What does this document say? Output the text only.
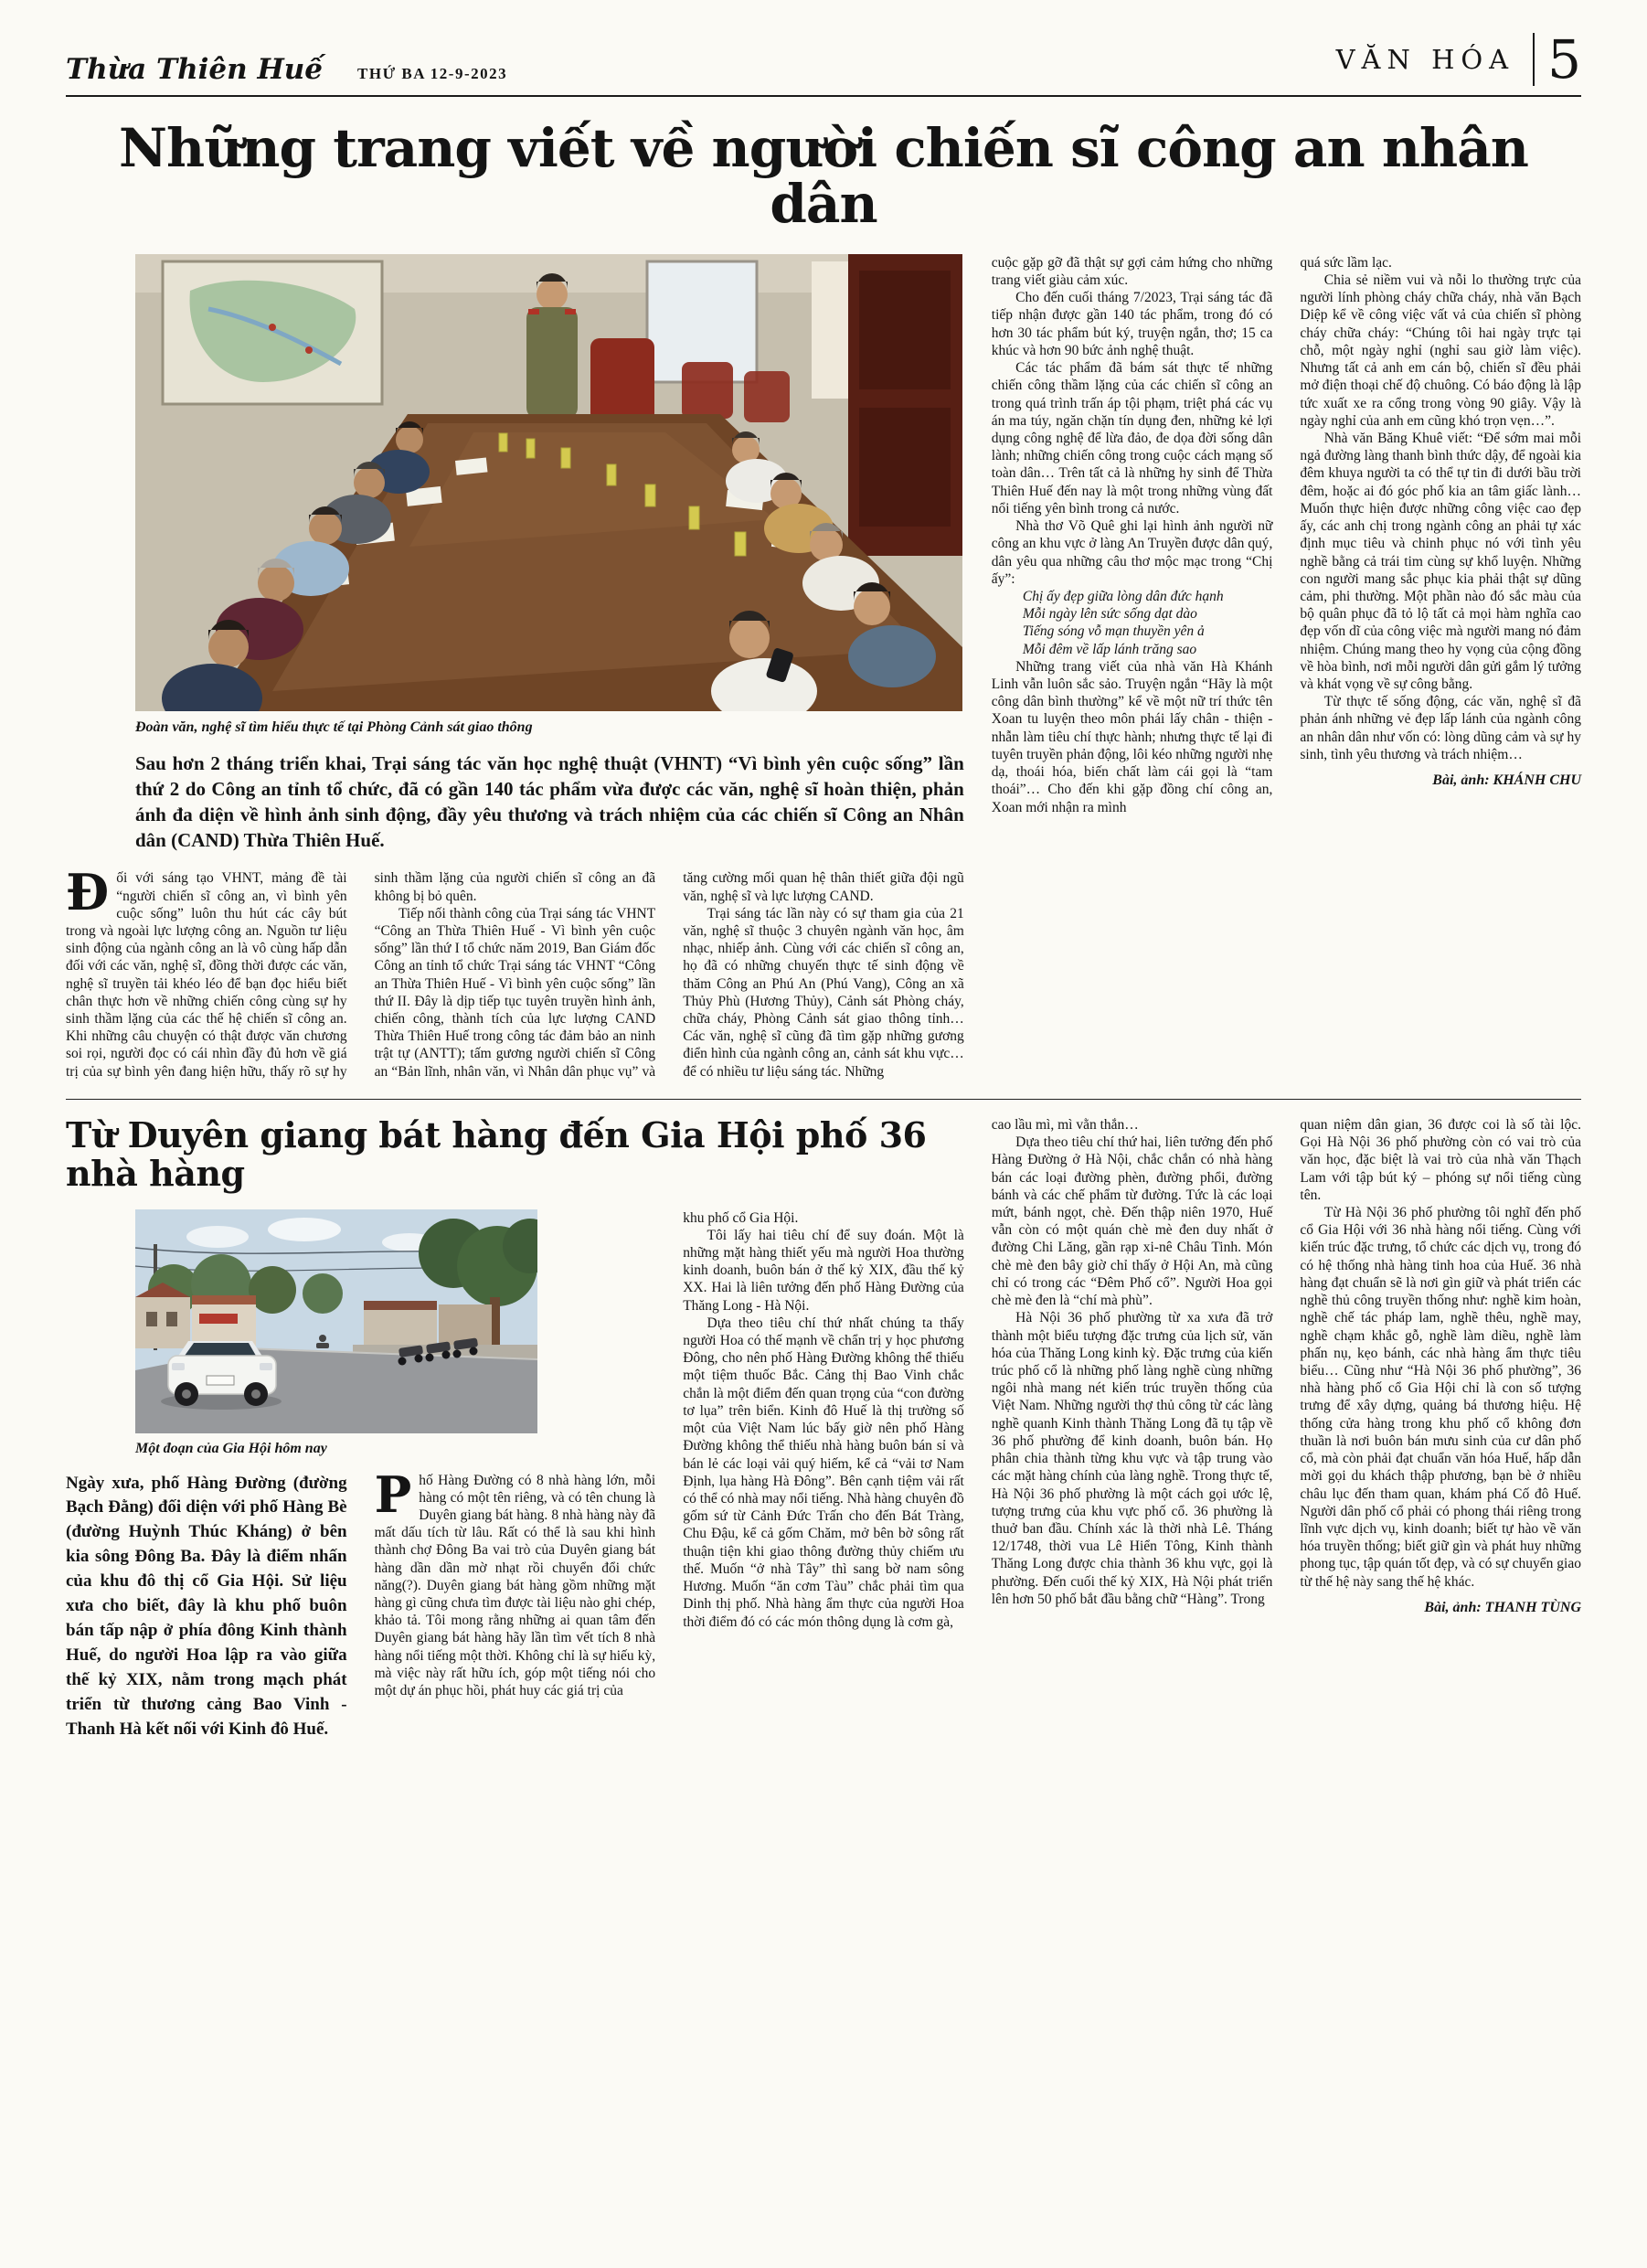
Thừa Thiên Huế THỨ BA 12-9-2023	VĂN HÓA 5
Những trang viết về người chiến sĩ công an nhân dân
Đoàn văn, nghệ sĩ tìm hiểu thực tế tại Phòng Cảnh sát giao thông
Sau hơn 2 tháng triển khai, Trại sáng tác văn học nghệ thuật (VHNT) “Vì bình yên cuộc sống” lần thứ 2 do Công an tỉnh tổ chức, đã có gần 140 tác phẩm vừa được các văn, nghệ sĩ hoàn thiện, phản ánh đa diện về hình ảnh sinh động, đầy yêu thương và trách nhiệm của các chiến sĩ Công an Nhân dân (CAND) Thừa Thiên Huế.

Đối với sáng tạo VHNT, mảng đề tài “người chiến sĩ công an, vì bình yên cuộc sống” luôn thu hút các cây bút trong và ngoài lực lượng công an. Nguồn tư liệu sinh động của ngành công an là vô cùng hấp dẫn đối với các văn, nghệ sĩ, đồng thời được các văn, nghệ sĩ truyền tải khéo léo để bạn đọc hiểu biết chân thực hơn về những chiến công cùng sự hy sinh thầm lặng của các thế hệ chiến sĩ công an. Khi những câu chuyện có thật được văn chương soi rọi, người đọc có cái nhìn đầy đủ hơn về giá trị của sự bình yên đang hiện hữu, thấy rõ sự hy sinh thầm lặng của người chiến sĩ công an đã không bị bỏ quên.

Tiếp nối thành công của Trại sáng tác VHNT “Công an Thừa Thiên Huế - Vì bình yên cuộc sống” lần thứ I tổ chức năm 2019, Ban Giám đốc Công an tỉnh tổ chức Trại sáng tác VHNT “Công an Thừa Thiên Huế - Vì bình yên cuộc sống” lần thứ II. Đây là dịp tiếp tục tuyên truyền hình ảnh, chiến công, thành tích của lực lượng CAND Thừa Thiên Huế trong công tác đảm bảo an ninh trật tự (ANTT); tấm gương người chiến sĩ Công an “Bản lĩnh, nhân văn, vì Nhân dân phục vụ” và tăng cường mối quan hệ thân thiết giữa đội ngũ văn, nghệ sĩ và lực lượng CAND.

Trại sáng tác lần này có sự tham gia của 21 văn, nghệ sĩ thuộc 3 chuyên ngành văn học, âm nhạc, nhiếp ảnh. Cùng với các chiến sĩ công an, họ đã có những chuyến thực tế sinh động về thăm Công an Phú An (Phú Vang), Công an xã Thủy Phù (Hương Thủy), Cảnh sát Phòng cháy, chữa cháy, Phòng Cảnh sát giao thông tỉnh… Các văn, nghệ sĩ cũng đã tìm gặp những gương điển hình của ngành công an, cảnh sát khu vực… để có nhiều tư liệu sáng tác. Những

cuộc gặp gỡ đã thật sự gợi cảm hứng cho những trang viết giàu cảm xúc.

Cho đến cuối tháng 7/2023, Trại sáng tác đã tiếp nhận được gần 140 tác phẩm, trong đó có hơn 30 tác phẩm bút ký, truyện ngắn, thơ; 15 ca khúc và hơn 90 bức ảnh nghệ thuật.

Các tác phẩm đã bám sát thực tế những chiến công thầm lặng của các chiến sĩ công an trong quá trình trấn áp tội phạm, triệt phá các vụ án ma túy, ngăn chặn tín dụng đen, những kẻ lợi dụng công nghệ để lừa đảo, đe dọa đời sống dân lành; những chiến công trong cuộc cách mạng số toàn dân… Trên tất cả là những hy sinh để Thừa Thiên Huế đến nay là một trong những vùng đất nổi tiếng yên bình trong cả nước.

Nhà thơ Võ Quê ghi lại hình ảnh người nữ công an khu vực ở làng An Truyền được dân quý, dân yêu qua những câu thơ mộc mạc trong “Chị ấy”:

Chị ấy đẹp giữa lòng dân đức hạnh

Mỗi ngày lên sức sống dạt dào

Tiếng sóng vỗ mạn thuyền yên ả

Mỗi đêm về lấp lánh trăng sao

Những trang viết của nhà văn Hà Khánh Linh vẫn luôn sắc sảo. Truyện ngắn “Hãy là một công dân bình thường” kể về một nữ trí thức tên Xoan tu luyện theo môn phái lấy chân - thiện - nhẫn làm tiêu chí thực hành; nhưng thực tế lại đi tuyên truyền phản động, lôi kéo những người nhẹ dạ, thoái hóa, biến chất làm cái gọi là “tam thoái”… Cho đến khi gặp đồng chí công an, Xoan mới nhận ra mình

quá sức lầm lạc.

Chia sẻ niềm vui và nỗi lo thường trực của người lính phòng cháy chữa cháy, nhà văn Bạch Diệp kể về công việc vất vả của chiến sĩ phòng cháy chữa cháy: “Chúng tôi hai ngày trực tại chỗ, một ngày nghỉ (nghỉ sau giờ làm việc). Nhưng tất cả anh em cán bộ, chiến sĩ đều phải mở điện thoại chế độ chuông. Có báo động là lập tức xuất xe ra cổng trong vòng 90 giây. Vậy là ngày nghỉ của anh em cũng khó trọn vẹn…”.

Nhà văn Băng Khuê viết: “Để sớm mai mỗi ngả đường làng thanh bình thức dậy, để ngoài kia đêm khuya người ta có thể tự tin đi dưới bầu trời đêm, hoặc ai đó góc phố kia an tâm giấc lành… Muốn thực hiện được những công việc cao đẹp ấy, các anh chị trong ngành công an phải tự xác định mục tiêu và chinh phục nó với tình yêu nghề bằng cả trái tim cùng sự khổ luyện. Những con người mang sắc phục kia phải thật sự dũng cảm, phi thường. Một phần nào đó sắc màu của bộ quân phục đã tỏ lộ tất cả mọi hàm nghĩa cao đẹp vốn dĩ của công việc mà người mang nó đảm nhiệm. Chúng mang theo hy vọng của cộng đồng về hòa bình, nơi mỗi người dân gửi gắm lý tưởng và khát vọng về sự công bằng.

Từ thực tế sống động, các văn, nghệ sĩ đã phản ánh những vẻ đẹp lấp lánh của ngành công an nhân dân như vốn có: lòng dũng cảm và sự hy sinh, tình yêu thương và trách nhiệm…

Bài, ảnh: KHÁNH CHU
Từ Duyên giang bát hàng đến Gia Hội phố 36 nhà hàng
Một đoạn của Gia Hội hôm nay
Ngày xưa, phố Hàng Đường (đường Bạch Đằng) đối diện với phố Hàng Bè (đường Huỳnh Thúc Kháng) ở bên kia sông Đông Ba. Đây là điểm nhấn của khu đô thị cổ Gia Hội. Sử liệu xưa cho biết, đây là khu phố buôn bán tấp nập ở phía đông Kinh thành Huế, do người Hoa lập ra vào giữa thế kỷ XIX, nằm trong mạch phát triển từ thương cảng Bao Vinh - Thanh Hà kết nối với Kinh đô Huế.

Phố Hàng Đường có 8 nhà hàng lớn, mỗi hàng có một tên riêng, và có tên chung là Duyên giang bát hàng. 8 nhà hàng này đã mất dấu tích từ lâu. Rất có thể là sau khi hình thành chợ Đông Ba vai trò của Duyên giang bát hàng dần dần mờ nhạt rồi chuyển đổi chức năng(?). Duyên giang bát hàng gồm những mặt hàng gì cũng chưa tìm được tài liệu nào ghi chép, khảo tả. Tôi mong rằng những ai quan tâm đến Duyên giang bát hàng hãy lần tìm vết tích 8 nhà hàng nổi tiếng một thời. Không chỉ là sự hiếu kỳ, mà việc này rất hữu ích, góp một tiếng nói cho một dự án phục hồi, phát huy các giá trị của

khu phố cổ Gia Hội.

Tôi lấy hai tiêu chí để suy đoán. Một là những mặt hàng thiết yếu mà người Hoa thường kinh doanh, buôn bán ở thế kỷ XIX, đầu thế kỷ XX. Hai là liên tưởng đến phố Hàng Đường của Thăng Long - Hà Nội.

Dựa theo tiêu chí thứ nhất chúng ta thấy người Hoa có thế mạnh về chẩn trị y học phương Đông, cho nên phố Hàng Đường không thể thiếu một tiệm thuốc Bắc. Cảng thị Bao Vinh chắc chắn là một điểm đến quan trọng của “con đường tơ lụa” trên biển. Kinh đô Huế là thị trường số một của Việt Nam lúc bấy giờ nên phố Hàng Đường không thể thiếu nhà hàng buôn bán sỉ và bán lẻ các loại vải quý hiếm, kể cả “vải tơ Nam Định, lụa hàng Hà Đông”. Bên cạnh tiệm vải rất có thể có nhà may nổi tiếng. Nhà hàng chuyên đồ gốm sứ từ Cảnh Đức Trấn cho đến Bát Tràng, Chu Đậu, kể cả gốm Chăm, mở bên bờ sông rất thuận tiện khi giao thông đường thủy chiếm ưu thế. Muốn “ở nhà Tây” thì sang bờ nam sông Hương. Muốn “ăn cơm Tàu” chắc phải tìm qua Dinh thị phố. Nhà hàng ẩm thực của người Hoa thời điểm đó có các món thông dụng là cơm gà,

cao lầu mì, mì vằn thắn…

Dựa theo tiêu chí thứ hai, liên tưởng đến phố Hàng Đường ở Hà Nội, chắc chắn có nhà hàng bán các loại đường phèn, đường phổi, đường bánh và các chế phẩm từ đường. Tức là các loại mứt, bánh ngọt, chè. Đến thập niên 1970, Huế vẫn còn có một quán chè mè đen duy nhất ở đường Chi Lăng, gần rạp xi-nê Châu Tinh. Món chè mè đen bây giờ chỉ thấy ở Hội An, mà cũng chỉ có trong các “Đêm Phố cổ”. Người Hoa gọi chè mè đen là “chí mà phù”.

Hà Nội 36 phố phường từ xa xưa đã trở thành một biểu tượng đặc trưng của lịch sử, văn hóa của Thăng Long kinh kỳ. Đặc trưng của kiến trúc phố cổ là những phố làng nghề cùng những ngôi nhà mang nét kiến trúc truyền thống của Việt Nam. Những người thợ thủ công từ các làng nghề quanh Kinh thành Thăng Long đã tụ tập về 36 phố phường để kinh doanh, buôn bán. Họ phân chia thành từng khu vực và tập trung vào các mặt hàng chính của làng nghề. Trong thực tế, Hà Nội 36 phố phường là một cách gọi ước lệ, tượng trưng của khu vực phố cổ. 36 phường là thuở ban đầu. Chính xác là thời nhà Lê. Tháng 12/1748, thời vua Lê Hiển Tông, Kinh thành Thăng Long được chia thành 36 khu vực, gọi là phường. Đến cuối thế kỷ XIX, Hà Nội phát triển lên hơn 50 phố bắt đầu bằng chữ “Hàng”. Trong

quan niệm dân gian, 36 được coi là số tài lộc. Gọi Hà Nội 36 phố phường còn có vai trò của văn học, đặc biệt là vai trò của nhà văn Thạch Lam với tập bút ký – phóng sự nổi tiếng cùng tên.

Từ Hà Nội 36 phố phường tôi nghĩ đến phố cổ Gia Hội với 36 nhà hàng nổi tiếng. Cùng với kiến trúc đặc trưng, tổ chức các dịch vụ, trong đó có hệ thống nhà hàng tinh hoa của Huế. 36 nhà hàng đạt chuẩn sẽ là nơi gìn giữ và phát triển các nghề thủ công truyền thống như: nghề kim hoàn, nghề chế tác pháp lam, nghề thêu, nghề may, nghề chạm khắc gỗ, nghề làm diều, nghề làm phấn nụ, kẹo bánh, các nhà hàng ẩm thực tiêu biểu… Cũng như “Hà Nội 36 phố phường”, 36 nhà hàng phố cổ Gia Hội chỉ là con số tượng trưng để xây dựng, quảng bá thương hiệu. Hệ thống cửa hàng trong khu phố cổ không đơn thuần là nơi buôn bán mưu sinh của cư dân phố cổ, mà còn phải đạt chuẩn văn hóa Huế, hấp dẫn mời gọi du khách thập phương, bạn bè ở nhiều châu lục đến tham quan, khám phá Cố đô Huế. Người dân phố cổ phải có phong thái riêng trong lĩnh vực dịch vụ, kinh doanh; biết tự hào về văn hóa truyền thống; biết giữ gìn và phát huy những phong tục, tập quán tốt đẹp, và có sự chuyển giao từ thế hệ này sang thế hệ khác.

Bài, ảnh: THANH TÙNG
